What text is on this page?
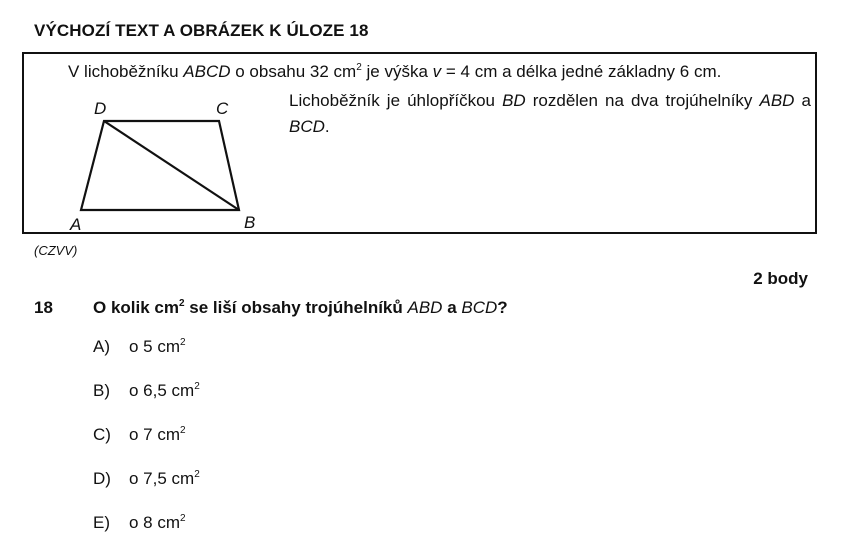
VÝCHOZÍ TEXT A OBRÁZEK K ÚLOZE 18
V lichoběžníku ABCD o obsahu 32 $cm^2$ je výška v = 4 cm a délka jedné základny 6 cm.
D	C
A	B
Lichoběžník je úhlopříčkou BD rozdělen na dva trojúhelníky ABD a BCD.
(CZVV)
2 body
18 O kolik $cm^2$ se liší obsahy trojúhelníků ABD a BCD?
A) o 5 $cm^2$
B) o 6,5 $cm^2$
C) o 7 $cm^2$
D) o 7,5 $cm^2$
E) o 8 $cm^2$
